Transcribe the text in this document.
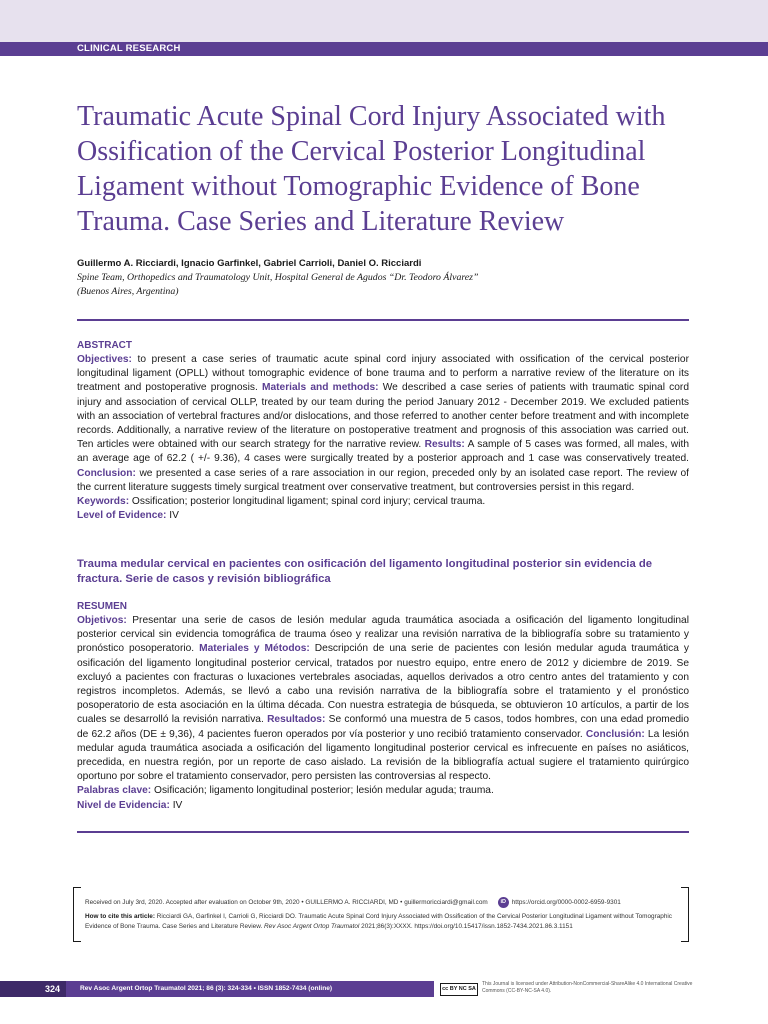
CLINICAL RESEARCH
Traumatic Acute Spinal Cord Injury Associated with Ossification of the Cervical Posterior Longitudinal Ligament without Tomographic Evidence of Bone Trauma. Case Series and Literature Review
Guillermo A. Ricciardi, Ignacio Garfinkel, Gabriel Carrioli, Daniel O. Ricciardi
Spine Team, Orthopedics and Traumatology Unit, Hospital General de Agudos “Dr. Teodoro Álvarez”
(Buenos Aires, Argentina)
ABSTRACT
Objectives: to present a case series of traumatic acute spinal cord injury associated with ossification of the cervical posterior longitudinal ligament (OPLL) without tomographic evidence of bone trauma and to perform a narrative review of the literature on its treatment and postoperative prognosis. Materials and methods: We described a case series of patients with traumatic spinal cord injury and association of cervical OLLP, treated by our team during the period January 2012 - December 2019. We excluded patients with an association of vertebral fractures and/or dislocations, and those referred to another center before treatment and with incomplete records. Additionally, a narrative review of the literature on postoperative treatment and prognosis of this association was carried out. Ten articles were obtained with our search strategy for the narrative review. Results: A sample of 5 cases was formed, all males, with an average age of 62.2 ( +/- 9.36), 4 cases were surgically treated by a posterior approach and 1 case was conservatively treated. Conclusion: we presented a case series of a rare association in our region, preceded only by an isolated case report. The review of the current literature suggests timely surgical treatment over conservative treatment, but controversies persist in this regard.
Keywords: Ossification; posterior longitudinal ligament; spinal cord injury; cervical trauma.
Level of Evidence: IV
Trauma medular cervical en pacientes con osificación del ligamento longitudinal posterior sin evidencia de fractura. Serie de casos y revisión bibliográfica
RESUMEN
Objetivos: Presentar una serie de casos de lesión medular aguda traumática asociada a osificación del ligamento longitudinal posterior cervical sin evidencia tomográfica de trauma óseo y realizar una revisión narrativa de la bibliografía sobre su tratamiento y pronóstico posoperatorio. Materiales y Métodos: Descripción de una serie de pacientes con lesión medular aguda traumática y osificación del ligamento longitudinal posterior cervical, tratados por nuestro equipo, entre enero de 2012 y diciembre de 2019. Se excluyó a pacientes con fracturas o luxaciones vertebrales asociadas, aquellos derivados a otro centro antes del tratamiento y con registros incompletos. Además, se llevó a cabo una revisión narrativa de la bibliografía sobre el tratamiento y el pronóstico posoperatorio de esta asociación en la última década. Con nuestra estrategia de búsqueda, se obtuvieron 10 artículos, a partir de los cuales se desarrolló la revisión narrativa. Resultados: Se conformó una muestra de 5 casos, todos hombres, con una edad promedio de 62.2 años (DE ± 9,36), 4 pacientes fueron operados por vía posterior y uno recibió tratamiento conservador. Conclusión: La lesión medular aguda traumática asociada a osificación del ligamento longitudinal posterior cervical es infrecuente en países no asiáticos, precedida, en nuestra región, por un reporte de caso aislado. La revisión de la bibliografía actual sugiere el tratamiento quirúrgico oportuno por sobre el tratamiento conservador, pero persisten las controversias al respecto.
Palabras clave: Osificación; ligamento longitudinal posterior; lesión medular aguda; trauma.
Nivel de Evidencia: IV
Received on July 3rd, 2020. Accepted after evaluation on October 9th, 2020 • GUILLERMO A. RICCIARDI, MD • guillermoricciardi@gmail.com iD https://orcid.org/0000-0002-6959-9301
How to cite this article: Ricciardi GA, Garfinkel I, Carrioli G, Ricciardi DO. Traumatic Acute Spinal Cord Injury Associated with Ossification of the Cervical Posterior Longitudinal Ligament without Tomographic Evidence of Bone Trauma. Case Series and Literature Review. Rev Asoc Argent Ortop Traumatol 2021;86(3):XXXX. https://doi.org/10.15417/issn.1852-7434.2021.86.3.1151
324	Rev Asoc Argent Ortop Traumatol 2021; 86 (3): 324-334 • ISSN 1852-7434 (online)	cc BY NC SA
This Journal is licensed under Attribution-NonCommercial-ShareAlike 4.0 International Creative Commons (CC-BY-NC-SA 4.0).
